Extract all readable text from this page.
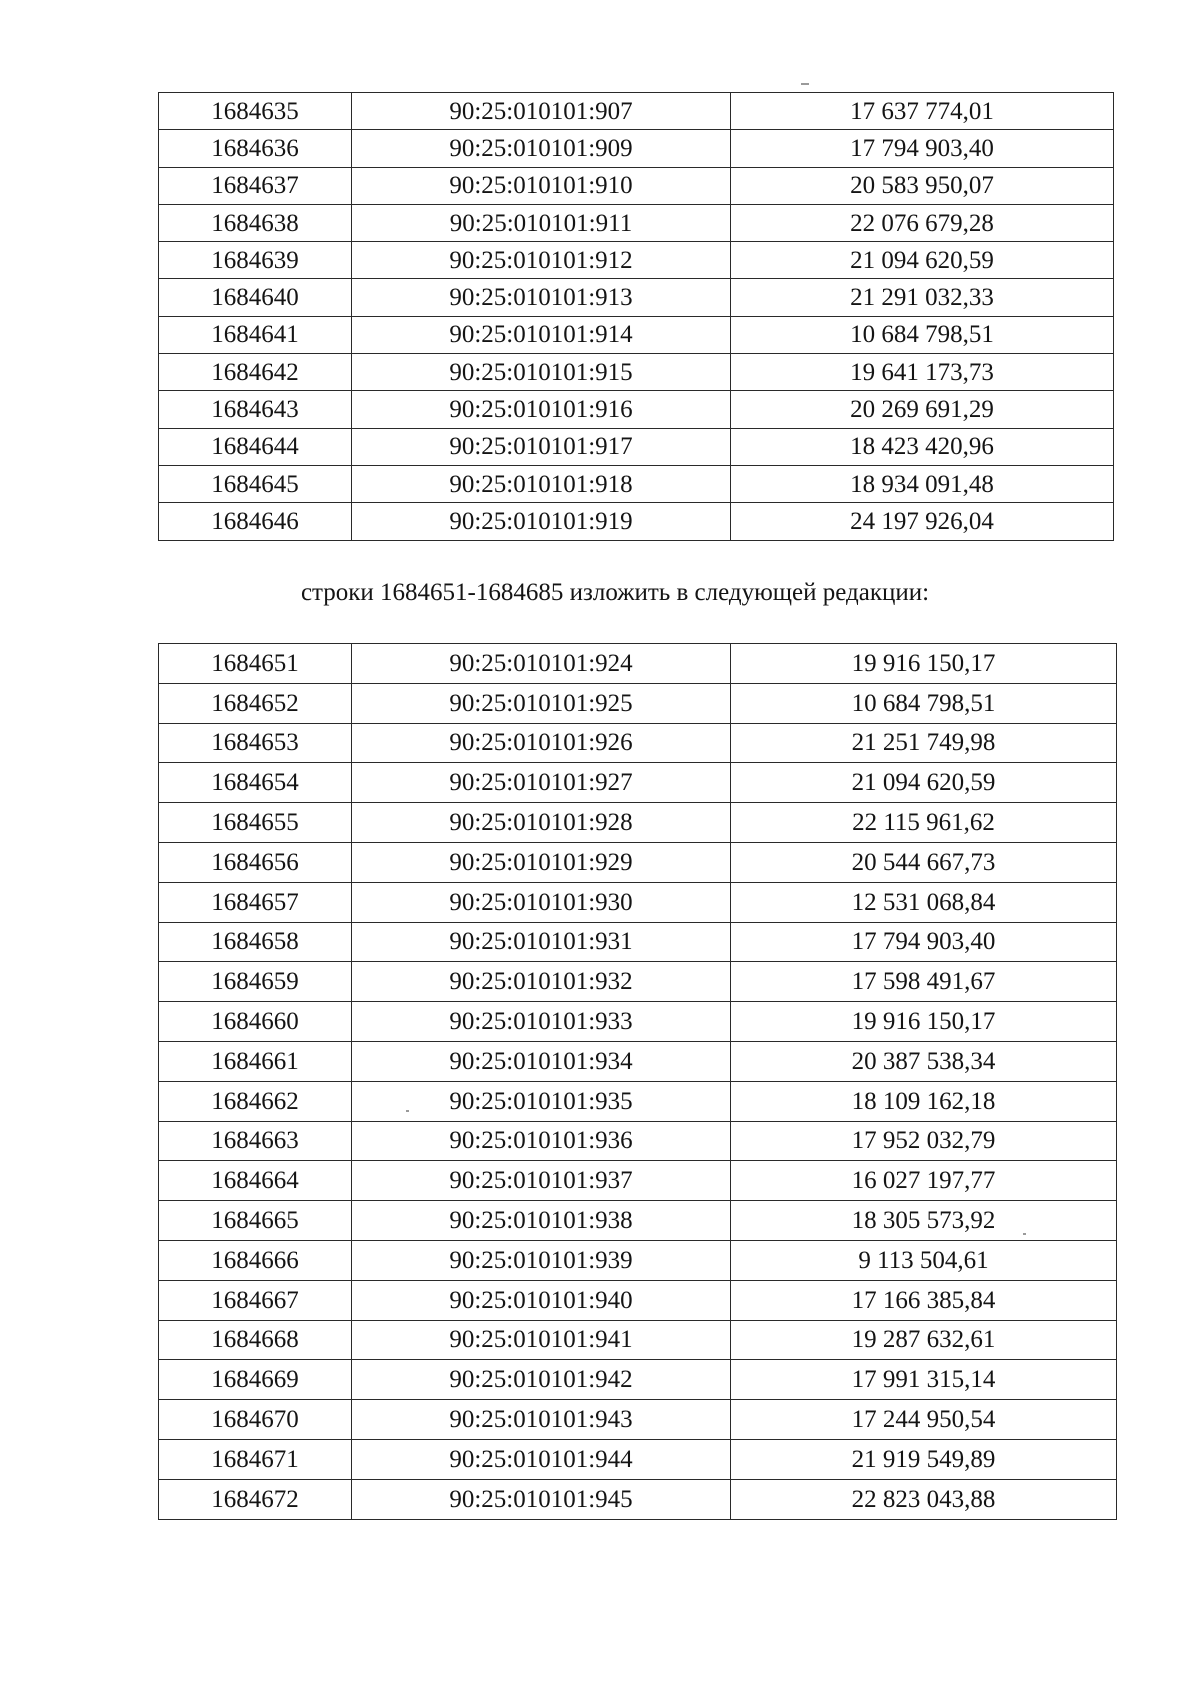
1684635	90:25:010101:907	17 637 774,01
1684636	90:25:010101:909	17 794 903,40
1684637	90:25:010101:910	20 583 950,07
1684638	90:25:010101:911	22 076 679,28
1684639	90:25:010101:912	21 094 620,59
1684640	90:25:010101:913	21 291 032,33
1684641	90:25:010101:914	10 684 798,51
1684642	90:25:010101:915	19 641 173,73
1684643	90:25:010101:916	20 269 691,29
1684644	90:25:010101:917	18 423 420,96
1684645	90:25:010101:918	18 934 091,48
1684646	90:25:010101:919	24 197 926,04
строки 1684651-1684685 изложить в следующей редакции:
1684651	90:25:010101:924	19 916 150,17
1684652	90:25:010101:925	10 684 798,51
1684653	90:25:010101:926	21 251 749,98
1684654	90:25:010101:927	21 094 620,59
1684655	90:25:010101:928	22 115 961,62
1684656	90:25:010101:929	20 544 667,73
1684657	90:25:010101:930	12 531 068,84
1684658	90:25:010101:931	17 794 903,40
1684659	90:25:010101:932	17 598 491,67
1684660	90:25:010101:933	19 916 150,17
1684661	90:25:010101:934	20 387 538,34
1684662	90:25:010101:935	18 109 162,18
1684663	90:25:010101:936	17 952 032,79
1684664	90:25:010101:937	16 027 197,77
1684665	90:25:010101:938	18 305 573,92
1684666	90:25:010101:939	9 113 504,61
1684667	90:25:010101:940	17 166 385,84
1684668	90:25:010101:941	19 287 632,61
1684669	90:25:010101:942	17 991 315,14
1684670	90:25:010101:943	17 244 950,54
1684671	90:25:010101:944	21 919 549,89
1684672	90:25:010101:945	22 823 043,88
